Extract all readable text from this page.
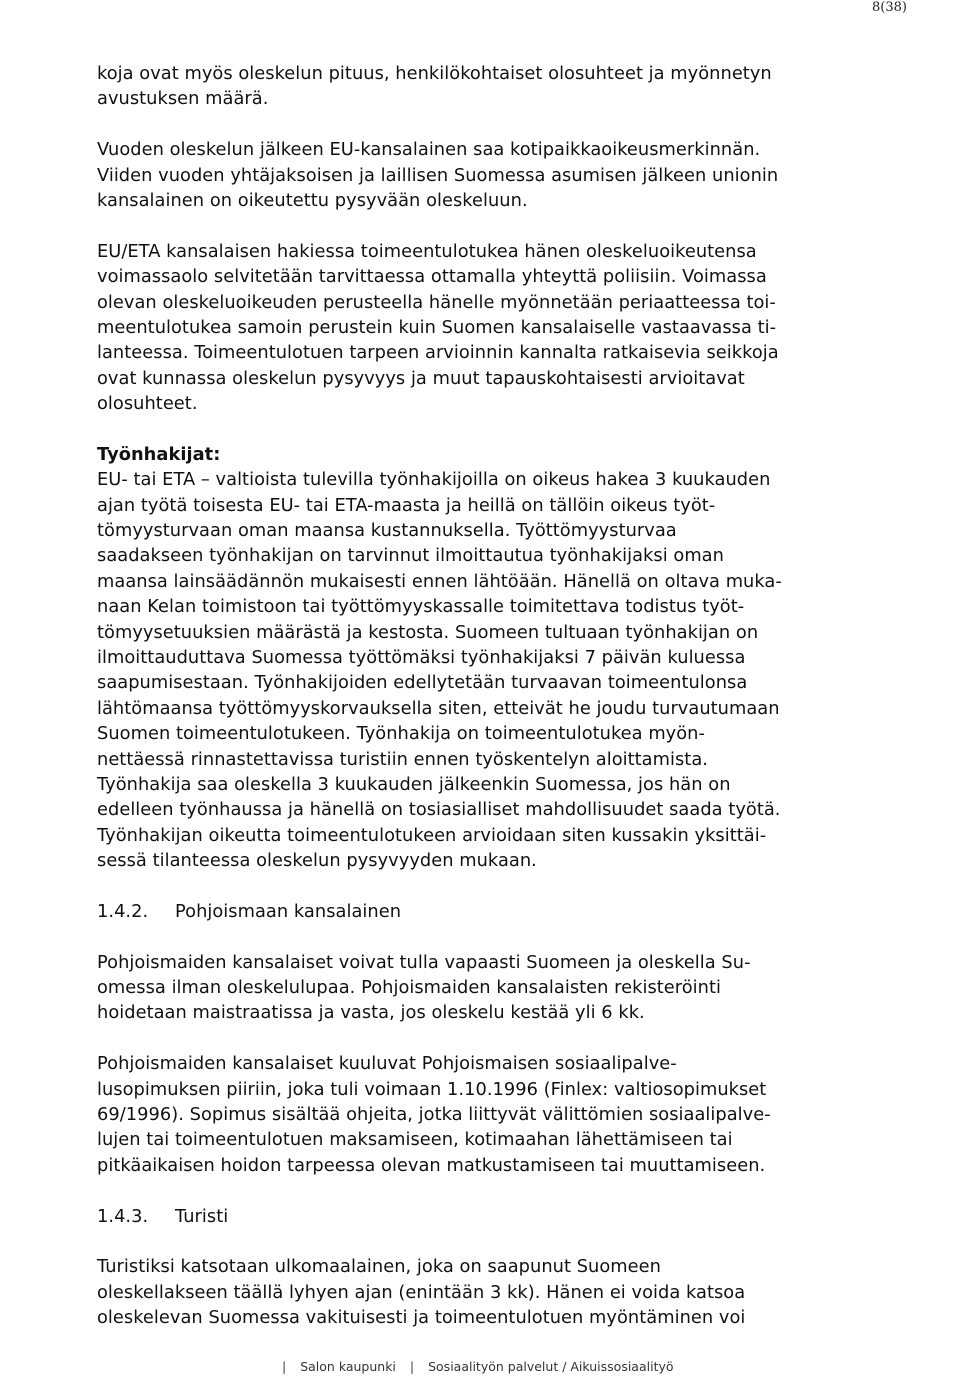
8(38)
koja ovat myös oleskelun pituus, henkilökohtaiset olosuhteet ja myönnetyn
avustuksen määrä.
Vuoden oleskelun jälkeen EU-kansalainen saa kotipaikkaoikeusmerkinnän.
Viiden vuoden yhtäjaksoisen ja laillisen Suomessa asumisen jälkeen unionin
kansalainen on oikeutettu pysyvään oleskeluun.
EU/ETA kansalaisen hakiessa toimeentulotukea hänen oleskeluoikeutensa
voimassaolo selvitetään tarvittaessa ottamalla yhteyttä poliisiin. Voimassa
olevan oleskeluoikeuden perusteella hänelle myönnetään periaatteessa toi-
meentulotukea samoin perustein kuin Suomen kansalaiselle vastaavassa ti-
lanteessa. Toimeentulotuen tarpeen arvioinnin kannalta ratkaisevia seikkoja
ovat kunnassa oleskelun pysyvyys ja muut tapauskohtaisesti arvioitavat
olosuhteet.
Työnhakijat:
EU- tai ETA – valtioista tulevilla työnhakijoilla on oikeus hakea 3 kuukauden
ajan työtä toisesta EU- tai ETA-maasta ja heillä on tällöin oikeus työt-
tömyysturvaan oman maansa kustannuksella. Työttömyysturvaa
saadakseen työnhakijan on tarvinnut ilmoittautua työnhakijaksi oman
maansa lainsäädännön mukaisesti ennen lähtöään. Hänellä on oltava muka-
naan Kelan toimistoon tai työttömyyskassalle toimitettava todistus työt-
tömyysetuuksien määrästä ja kestosta. Suomeen tultuaan työnhakijan on
ilmoittauduttava Suomessa työttömäksi työnhakijaksi 7 päivän kuluessa
saapumisestaan. Työnhakijoiden edellytetään turvaavan toimeentulonsa
lähtömaansa työttömyyskorvauksella siten, etteivät he joudu turvautumaan
Suomen toimeentulotukeen. Työnhakija on toimeentulotukea myön-
nettäessä rinnastettavissa turistiin ennen työskentelyn aloittamista.
Työnhakija saa oleskella 3 kuukauden jälkeenkin Suomessa, jos hän on
edelleen työnhaussa ja hänellä on tosiasialliset mahdollisuudet saada työtä.
Työnhakijan oikeutta toimeentulotukeen arvioidaan siten kussakin yksittäi-
sessä tilanteessa oleskelun pysyvyyden mukaan.
1.4.2. Pohjoismaan kansalainen
Pohjoismaiden kansalaiset voivat tulla vapaasti Suomeen ja oleskella Su-
omessa ilman oleskelulupaa. Pohjoismaiden kansalaisten rekisteröinti
hoidetaan maistraatissa ja vasta, jos oleskelu kestää yli 6 kk.
Pohjoismaiden kansalaiset kuuluvat Pohjoismaisen sosiaalipalve-
lusopimuksen piiriin, joka tuli voimaan 1.10.1996 (Finlex: valtiosopimukset
69/1996). Sopimus sisältää ohjeita, jotka liittyvät välittömien sosiaalipalve-
lujen tai toimeentulotuen maksamiseen, kotimaahan lähettämiseen tai
pitkäaikaisen hoidon tarpeessa olevan matkustamiseen tai muuttamiseen.
1.4.3. Turisti
Turistiksi katsotaan ulkomaalainen, joka on saapunut Suomeen
oleskellakseen täällä lyhyen ajan (enintään 3 kk). Hänen ei voida katsoa
oleskelevan Suomessa vakituisesti ja toimeentulotuen myöntäminen voi
| Salon kaupunki | Sosiaalityön palvelut / Aikuissosiaalityö
